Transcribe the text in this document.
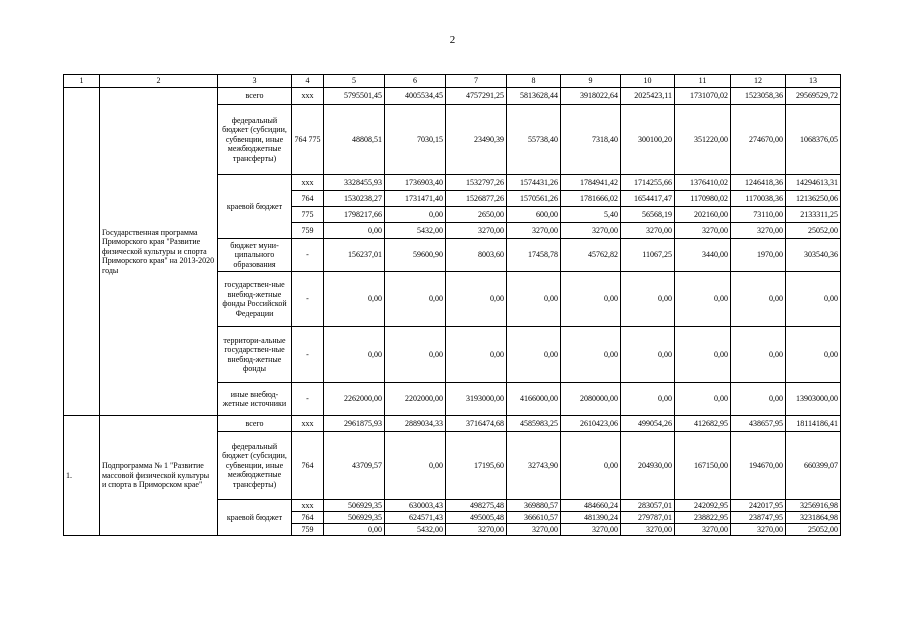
2
1	2	3	4	5	6	7	8	9	10	11	12	13
	Государственная программа Приморского края "Развитие физической культуры и спорта Приморского края" на 2013-2020 годы	всего	xxx	5795501,45	4005534,45	4757291,25	5813628,44	3918022,64	2025423,11	1731070,02	1523058,36	29569529,72
		федеральный бюджет (субсидии, субвенции, иные межбюджетные трансферты)	764 775	48808,51	7030,15	23490,39	55738,40	7318,40	300100,20	351220,00	274670,00	1068376,05
		краевой бюджет	xxx	3328455,93	1736903,40	1532797,26	1574431,26	1784941,42	1714255,66	1376410,02	1246418,36	14294613,31
			764	1530238,27	1731471,40	1526877,26	1570561,26	1781666,02	1654417,47	1170980,02	1170038,36	12136250,06
			775	1798217,66	0,00	2650,00	600,00	5,40	56568,19	202160,00	73110,00	2133311,25
			759	0,00	5432,00	3270,00	3270,00	3270,00	3270,00	3270,00	3270,00	25052,00
		бюджет муни-ципального образования	-	156237,01	59600,90	8003,60	17458,78	45762,82	11067,25	3440,00	1970,00	303540,36
		государствен-ные внебюд-жетные фонды Российской Федерации	-	0,00	0,00	0,00	0,00	0,00	0,00	0,00	0,00	0,00
		территори-альные государствен-ные внебюд-жетные фонды	-	0,00	0,00	0,00	0,00	0,00	0,00	0,00	0,00	0,00
		иные внебюд-жетные источники	-	2262000,00	2202000,00	3193000,00	4166000,00	2080000,00	0,00	0,00	0,00	13903000,00
1.	Подпрограмма № 1 "Развитие массовой физической культуры и спорта в Приморском крае"	всего	xxx	2961875,93	2889034,33	3716474,68	4585983,25	2610423,06	499054,26	412682,95	438657,95	18114186,41
		федеральный бюджет (субсидии, субвенции, иные межбюджетные трансферты)	764	43709,57	0,00	17195,60	32743,90	0,00	204930,00	167150,00	194670,00	660399,07
		краевой бюджет	xxx	506929,35	630003,43	498275,48	369880,57	484660,24	283057,01	242092,95	242017,95	3256916,98
			764	506929,35	624571,43	495005,48	366610,57	481390,24	279787,01	238822,95	238747,95	3231864,98
			759	0,00	5432,00	3270,00	3270,00	3270,00	3270,00	3270,00	3270,00	25052,00
